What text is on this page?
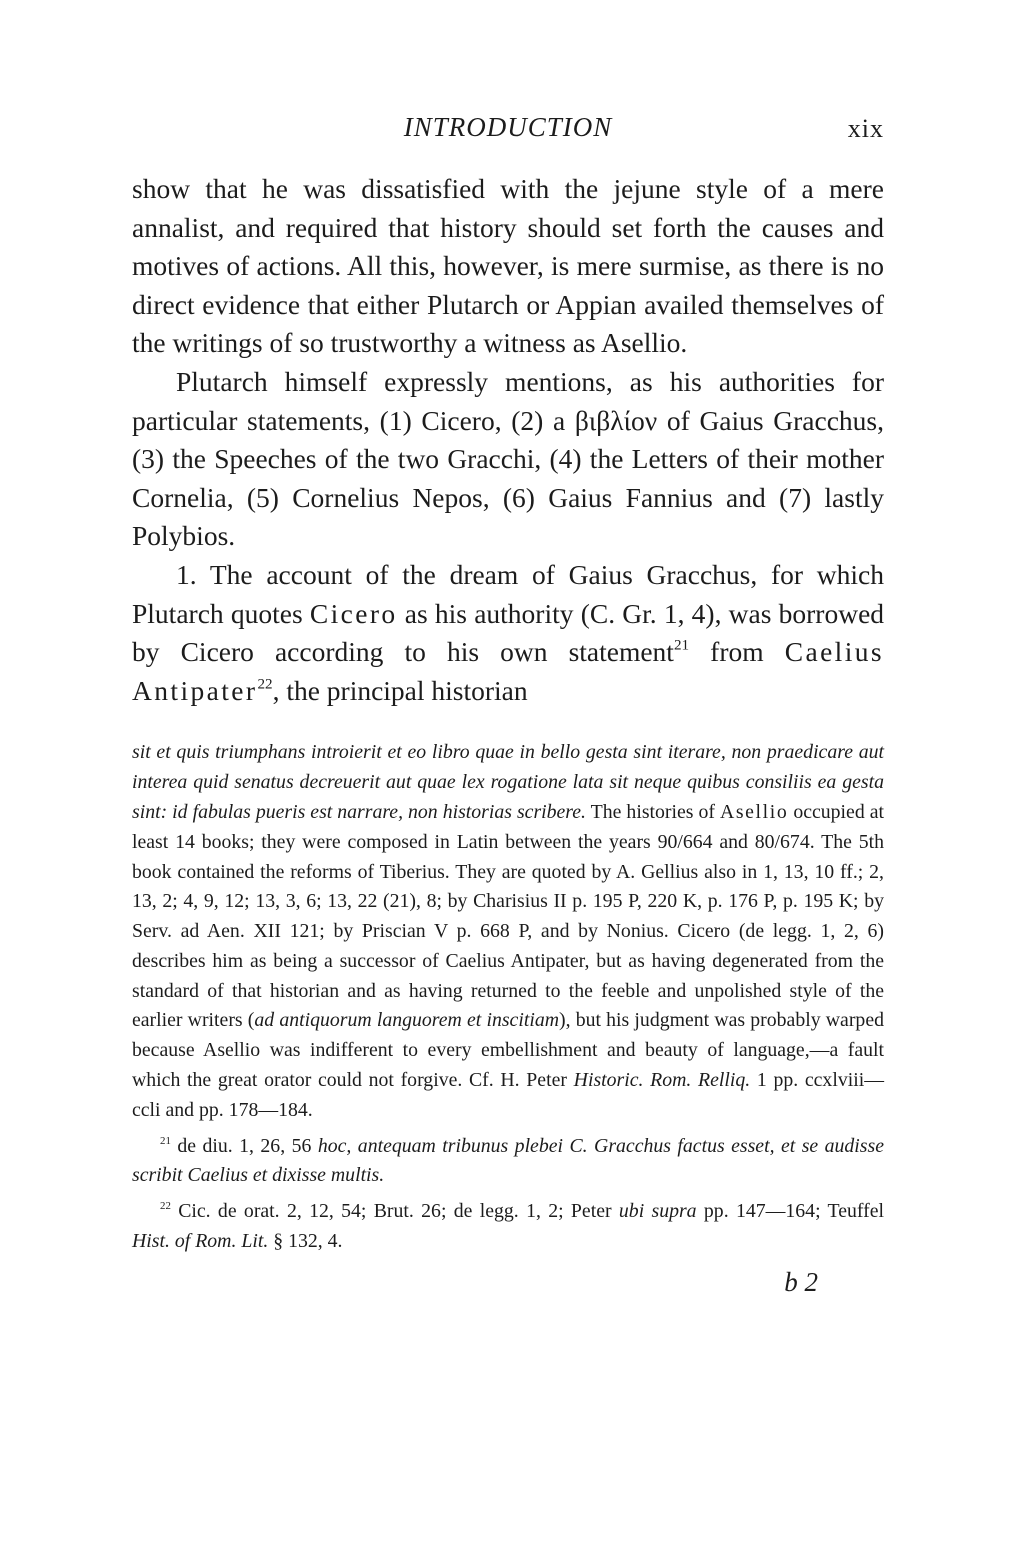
INTRODUCTION	xix

show that he was dissatisfied with the jejune style of a mere annalist, and required that history should set forth the causes and motives of actions. All this, however, is mere surmise, as there is no direct evidence that either Plutarch or Appian availed themselves of the writings of so trustworthy a witness as Asellio.

Plutarch himself expressly mentions, as his authorities for particular statements, (1) Cicero, (2) a βιβλίον of Gaius Gracchus, (3) the Speeches of the two Gracchi, (4) the Letters of their mother Cornelia, (5) Cornelius Nepos, (6) Gaius Fannius and (7) lastly Polybios.

1. The account of the dream of Gaius Gracchus, for which Plutarch quotes Cicero as his authority (C. Gr. 1, 4), was borrowed by Cicero according to his own statement$^{21}$ from Caelius Antipater$^{22}$, the principal historian

sit et quis triumphans introierit et eo libro quae in bello gesta sint iterare, non praedicare aut interea quid senatus decreuerit aut quae lex rogatione lata sit neque quibus consiliis ea gesta sint: id fabulas pueris est narrare, non historias scribere. The histories of Asellio occupied at least 14 books; they were composed in Latin between the years 90/664 and 80/674. The 5th book contained the reforms of Tiberius. They are quoted by A. Gellius also in 1, 13, 10 ff.; 2, 13, 2; 4, 9, 12; 13, 3, 6; 13, 22 (21), 8; by Charisius II p. 195 P, 220 K, p. 176 P, p. 195 K; by Serv. ad Aen. XII 121; by Priscian V p. 668 P, and by Nonius. Cicero (de legg. 1, 2, 6) describes him as being a successor of Caelius Antipater, but as having degenerated from the standard of that historian and as having returned to the feeble and unpolished style of the earlier writers (ad antiquorum languorem et inscitiam), but his judgment was probably warped because Asellio was indifferent to every embellishment and beauty of language,—a fault which the great orator could not forgive. Cf. H. Peter Historic. Rom. Relliq. 1 pp. ccxlviii—ccli and pp. 178—184.

$^{21}$ de diu. 1, 26, 56 hoc, antequam tribunus plebei C. Gracchus factus esset, et se audisse scribit Caelius et dixisse multis.

$^{22}$ Cic. de orat. 2, 12, 54; Brut. 26; de legg. 1, 2; Peter ubi supra pp. 147—164; Teuffel Hist. of Rom. Lit. § 132, 4.

b 2
